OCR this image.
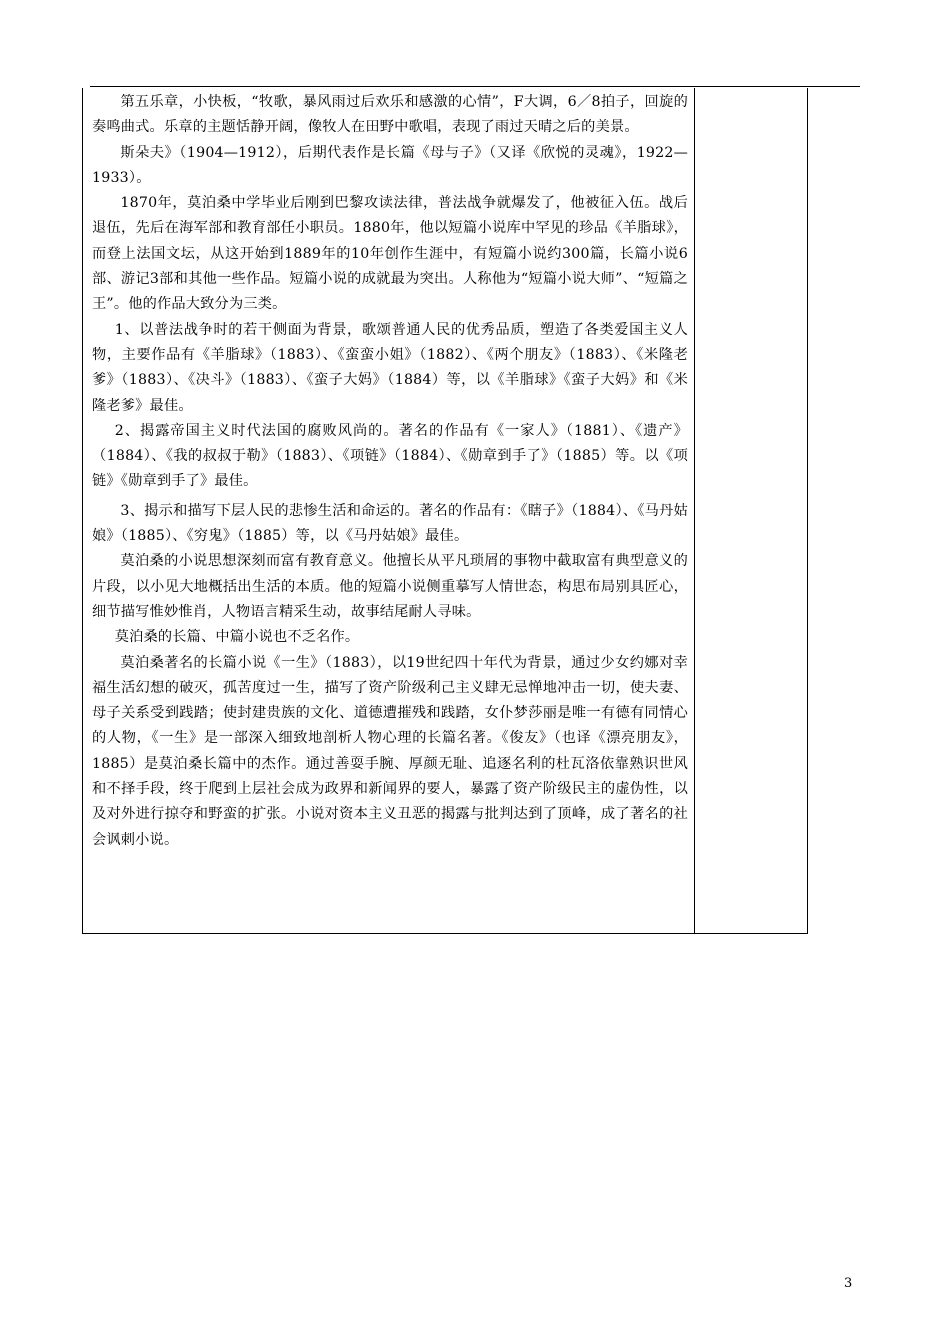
第五乐章，小快板，“牧歌，暴风雨过后欢乐和感激的心情”，F大调，6／8拍子，回旋的奏鸣曲式。乐章的主题恬静开阔，像牧人在田野中歌唱，表现了雨过天晴之后的美景。

斯朵夫》（1904—1912），后期代表作是长篇《母与子》（又译《欣悦的灵魂》，1922—1933）。

1870年，莫泊桑中学毕业后刚到巴黎攻读法律，普法战争就爆发了，他被征入伍。战后退伍，先后在海军部和教育部任小职员。1880年，他以短篇小说库中罕见的珍品《羊脂球》，而登上法国文坛，从这开始到1889年的10年创作生涯中，有短篇小说约300篇，长篇小说6部、游记3部和其他一些作品。短篇小说的成就最为突出。人称他为“短篇小说大师”、“短篇之王”。他的作品大致分为三类。

1、以普法战争时的若干侧面为背景，歌颂普通人民的优秀品质，塑造了各类爱国主义人物，主要作品有《羊脂球》（1883）、《蛮蛮小姐》（1882）、《两个朋友》（1883）、《米隆老爹》（1883）、《决斗》（1883）、《蛮子大妈》（1884）等，以《羊脂球》《蛮子大妈》和《米隆老爹》最佳。

2、揭露帝国主义时代法国的腐败风尚的。著名的作品有《一家人》（1881）、《遗产》（1884）、《我的叔叔于勒》（1883）、《项链》（1884）、《勋章到手了》（1885）等。以《项链》《勋章到手了》最佳。

3、揭示和描写下层人民的悲惨生活和命运的。著名的作品有：《瞎子》（1884）、《马丹姑娘》（1885）、《穷鬼》（1885）等，以《马丹姑娘》最佳。

莫泊桑的小说思想深刻而富有教育意义。他擅长从平凡琐屑的事物中截取富有典型意义的片段，以小见大地概括出生活的本质。他的短篇小说侧重摹写人情世态，构思布局别具匠心，细节描写惟妙惟肖，人物语言精采生动，故事结尾耐人寻味。

莫泊桑的长篇、中篇小说也不乏名作。

莫泊桑著名的长篇小说《一生》（1883），以19世纪四十年代为背景，通过少女约娜对幸福生活幻想的破灭，孤苦度过一生，描写了资产阶级利己主义肆无忌惮地冲击一切，使夫妻、母子关系受到践踏；使封建贵族的文化、道德遭摧残和践踏，女仆梦莎丽是唯一有德有同情心的人物，《一生》是一部深入细致地剖析人物心理的长篇名著。《俊友》（也译《漂亮朋友》，1885）是莫泊桑长篇中的杰作。通过善耍手腕、厚颜无耻、追逐名利的杜瓦洛依靠熟识世风和不择手段，终于爬到上层社会成为政界和新闻界的要人，暴露了资产阶级民主的虚伪性，以及对外进行掠夺和野蛮的扩张。小说对资本主义丑恶的揭露与批判达到了顶峰，成了著名的社会讽刺小说。

3
